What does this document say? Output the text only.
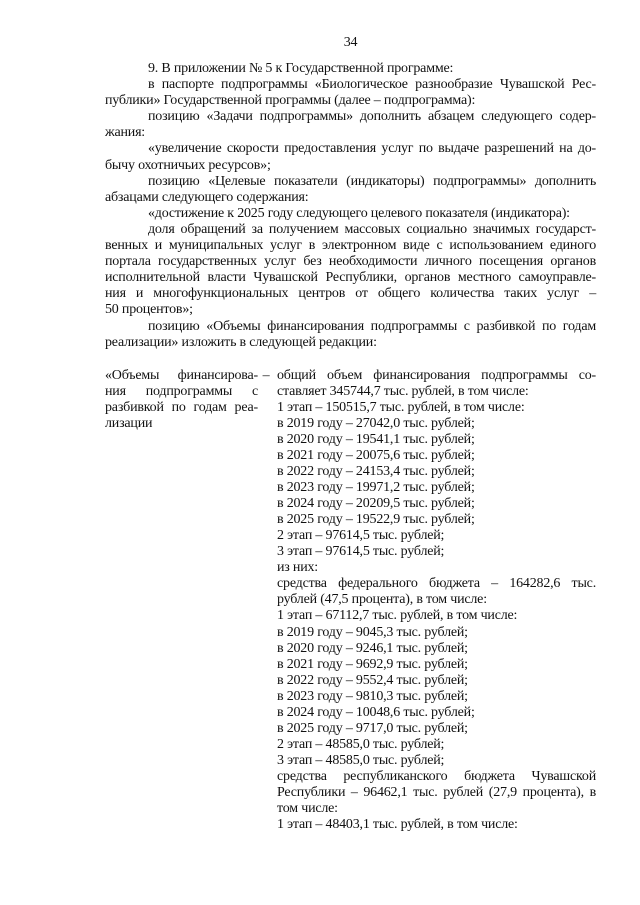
34
9. В приложении № 5 к Государственной программе:
в паспорте подпрограммы «Биологическое разнообразие Чувашской Рес-
публики» Государственной программы (далее – подпрограмма):
позицию «Задачи подпрограммы» дополнить абзацем следующего содер-
жания:
«увеличение скорости предоставления услуг по выдаче разрешений на до-
бычу охотничьих ресурсов»;
позицию «Целевые показатели (индикаторы) подпрограммы» дополнить
абзацами следующего содержания:
«достижение к 2025 году следующего целевого показателя (индикатора):
доля обращений за получением массовых социально значимых государст-
венных и муниципальных услуг в электронном виде с использованием единого
портала государственных услуг без необходимости личного посещения органов
исполнительной власти Чувашской Республики, органов местного самоуправле-
ния и многофункциональных центров от общего количества таких услуг –
50 процентов»;
позицию «Объемы финансирования подпрограммы с разбивкой по годам
реализации» изложить в следующей редакции:
«Объемы финансирова-
ния подпрограммы с
разбивкой по годам реа-
лизации
– общий объем финансирования подпрограммы со-
ставляет 345744,7 тыс. рублей, в том числе:
1 этап – 150515,7 тыс. рублей, в том числе:
в 2019 году – 27042,0 тыс. рублей;
в 2020 году – 19541,1 тыс. рублей;
в 2021 году – 20075,6 тыс. рублей;
в 2022 году – 24153,4 тыс. рублей;
в 2023 году – 19971,2 тыс. рублей;
в 2024 году – 20209,5 тыс. рублей;
в 2025 году – 19522,9 тыс. рублей;
2 этап – 97614,5 тыс. рублей;
3 этап – 97614,5 тыс. рублей;
из них:
средства федерального бюджета – 164282,6 тыс.
рублей (47,5 процента), в том числе:
1 этап – 67112,7 тыс. рублей, в том числе:
в 2019 году – 9045,3 тыс. рублей;
в 2020 году – 9246,1 тыс. рублей;
в 2021 году – 9692,9 тыс. рублей;
в 2022 году – 9552,4 тыс. рублей;
в 2023 году – 9810,3 тыс. рублей;
в 2024 году – 10048,6 тыс. рублей;
в 2025 году – 9717,0 тыс. рублей;
2 этап – 48585,0 тыс. рублей;
3 этап – 48585,0 тыс. рублей;
средства республиканского бюджета Чувашской
Республики – 96462,1 тыс. рублей (27,9 процента), в
том числе:
1 этап – 48403,1 тыс. рублей, в том числе:
